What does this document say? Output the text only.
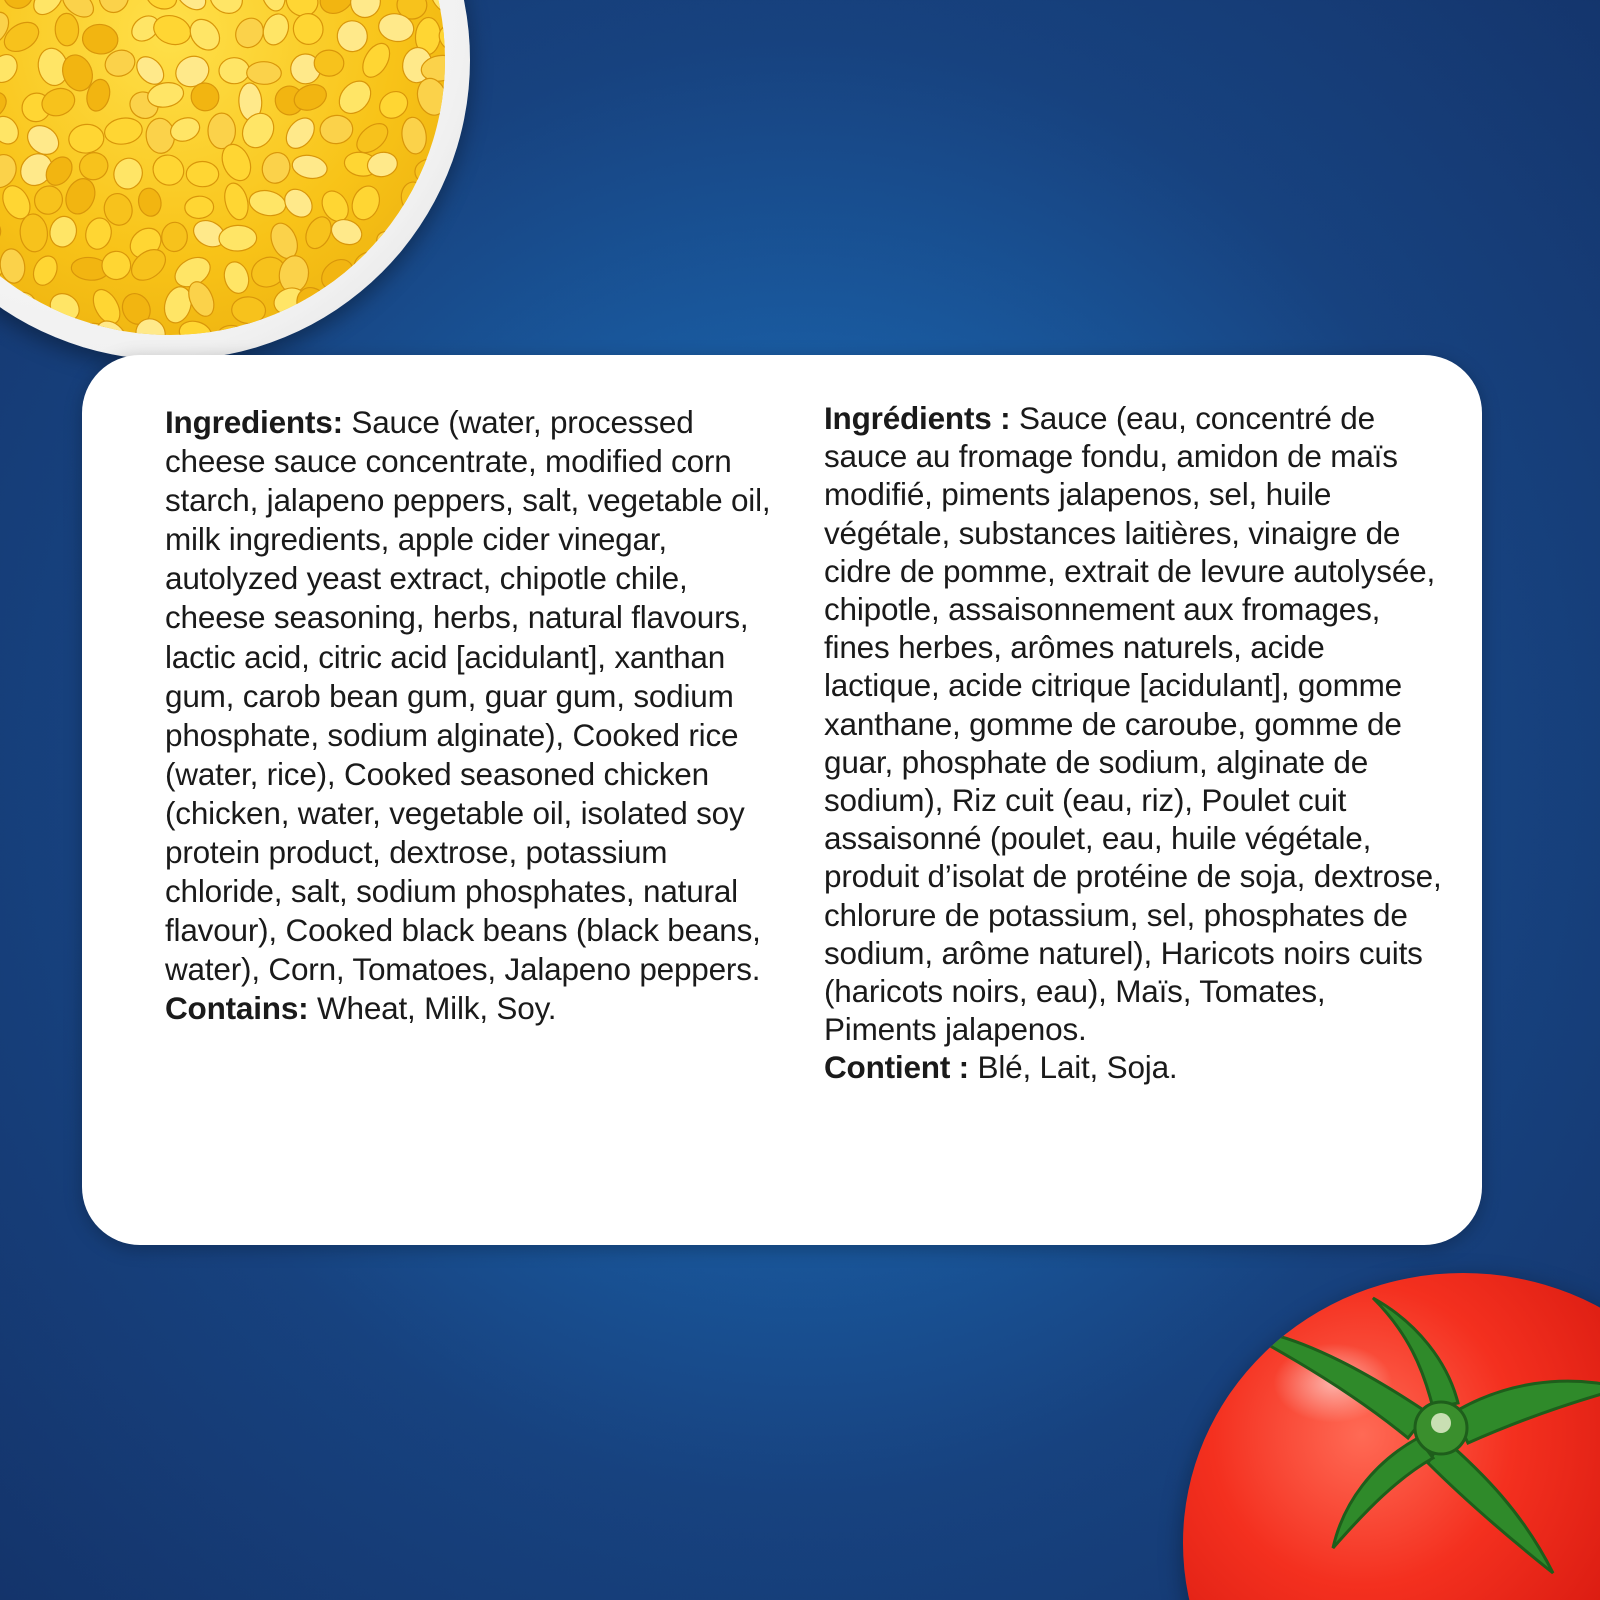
Ingredients: Sauce (water, processed cheese sauce concentrate, modified corn starch, jalapeno peppers, salt, vegetable oil, milk ingredients, apple cider vinegar, autolyzed yeast extract, chipotle chile, cheese seasoning, herbs, natural flavours, lactic acid, citric acid [acidulant], xanthan gum, carob bean gum, guar gum, sodium phosphate, sodium alginate), Cooked rice (water, rice), Cooked seasoned chicken (chicken, water, vegetable oil, isolated soy protein product, dextrose, potassium chloride, salt, sodium phosphates, natural flavour), Cooked black beans (black beans, water), Corn, Tomatoes, Jalapeno peppers.

Contains: Wheat, Milk, Soy.

Ingrédients : Sauce (eau, concentré de sauce au fromage fondu, amidon de maïs modifié, piments jalapenos, sel, huile végétale, substances laitières, vinaigre de cidre de pomme, extrait de levure autolysée, chipotle, assaisonnement aux fromages, fines herbes, arômes naturels, acide lactique, acide citrique [acidulant], gomme xanthane, gomme de caroube, gomme de guar, phosphate de sodium, alginate de sodium), Riz cuit (eau, riz), Poulet cuit assaisonné (poulet, eau, huile végétale, produit d’isolat de protéine de soja, dextrose, chlorure de potassium, sel, phosphates de sodium, arôme naturel), Haricots noirs cuits (haricots noirs, eau), Maïs, Tomates, Piments jalapenos.

Contient : Blé, Lait, Soja.
